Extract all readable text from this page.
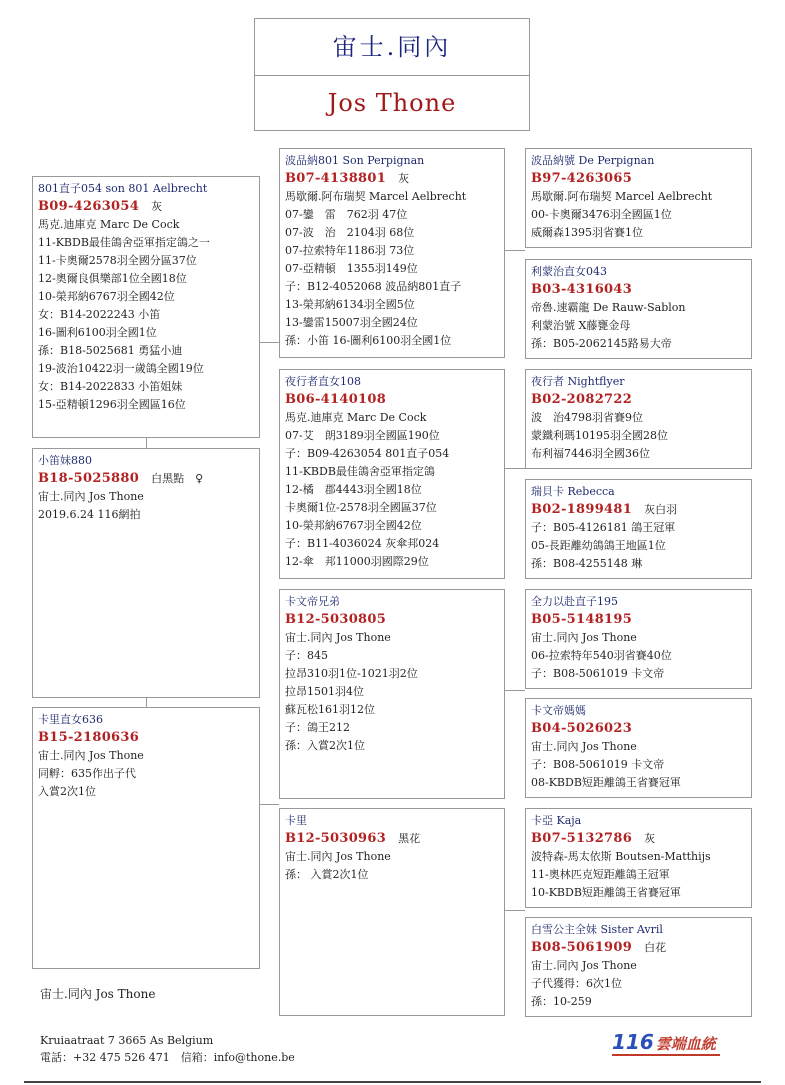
宙士.同內
Jos Thone
801直子054 son 801 Aelbrecht
B09-4263054 灰
馬克.迪庫克 Marc De Cock
11-KBDB最佳鴿舍亞軍指定鴿之一
11-卡奧爾2578羽全國分區37位
12-奧爾良俱樂部1位全國18位
10-榮邦納6767羽全國42位
女：B14-2022243 小笛
16-圖利6100羽全國1位
孫：B18-5025681 勇猛小迪
19-波治10422羽一歲鴿全國19位
女：B14-2022833 小笛姐妹
15-亞精頓1296羽全國區16位
小笛妹880
B18-5025880 白黑點　♀
宙士.同內 Jos Thone
2019.6.24 116網拍
卡里直女636
B15-2180636
宙士.同內 Jos Thone
同孵：635作出子代
入賞2次1位
波品納801 Son Perpignan
B07-4138801 灰
馬歇爾.阿布瑞契 Marcel Aelbrecht
07-鑾　雷　762羽 47位
07-波　治　2104羽 68位
07-拉索特年1186羽 73位
07-亞精頓　1355羽149位
子：B12-4052068 波品納801直子
13-榮邦納6134羽全國5位
13-鑾雷15007羽全國24位
孫：小笛 16-圖利6100羽全國1位
夜行者直女108
B06-4140108
馬克.迪庫克 Marc De Cock
07-艾　朗3189羽全國區190位
子：B09-4263054 801直子054
11-KBDB最佳鴿舍亞軍指定鴿
12-橘　郡4443羽全國18位
卡奧爾1位-2578羽全國區37位
10-榮邦納6767羽全國42位
子：B11-4036024 灰傘邦024
12-傘　邦11000羽國際29位
卡文帝兄弟
B12-5030805
宙士.同內 Jos Thone
子：845
拉昂310羽1位-1021羽2位
拉昂1501羽4位
蘇瓦松161羽12位
子：鴿王212
孫：入賞2次1位
卡里
B12-5030963 黑花
宙士.同內 Jos Thone
孫： 入賞2次1位
波品納號 De Perpignan
B97-4263065
馬歇爾.阿布瑞契 Marcel Aelbrecht
00-卡奧爾3476羽全國區1位
威爾森1395羽省賽1位
利蒙治直女043
B03-4316043
帝魯.速霸龍 De Rauw-Sablon
利蒙治號 X藤甕金母
孫：B05-2062145路易大帝
夜行者 Nightflyer
B02-2082722
波　治4798羽省賽9位
蒙鐵利瑪10195羽全國28位
布利福7446羽全國36位
瑞貝卡 Rebecca
B02-1899481 灰白羽
子：B05-4126181 鴿王冠軍
05-長距離幼鴿鴿王地區1位
孫：B08-4255148 琳
全力以赴直子195
B05-5148195
宙士.同內 Jos Thone
06-拉索特年540羽省賽40位
子：B08-5061019 卡文帝
卡文帝媽媽
B04-5026023
宙士.同內 Jos Thone
子：B08-5061019 卡文帝
08-KBDB短距離鴿王省賽冠軍
卡亞 Kaja
B07-5132786 灰
波特森-馬太依斯 Boutsen-Matthijs
11-奧林匹克短距離鴿王冠軍
10-KBDB短距離鴿王省賽冠軍
白雪公主全妹 Sister Avril
B08-5061909 白花
宙士.同內 Jos Thone
子代獲得：6次1位
孫：10-259
宙士.同內 Jos Thone
Kruiaatraat 7 3665 As Belgium
電話：+32 475 526 471　信箱：info@thone.be
116 雲端血統
